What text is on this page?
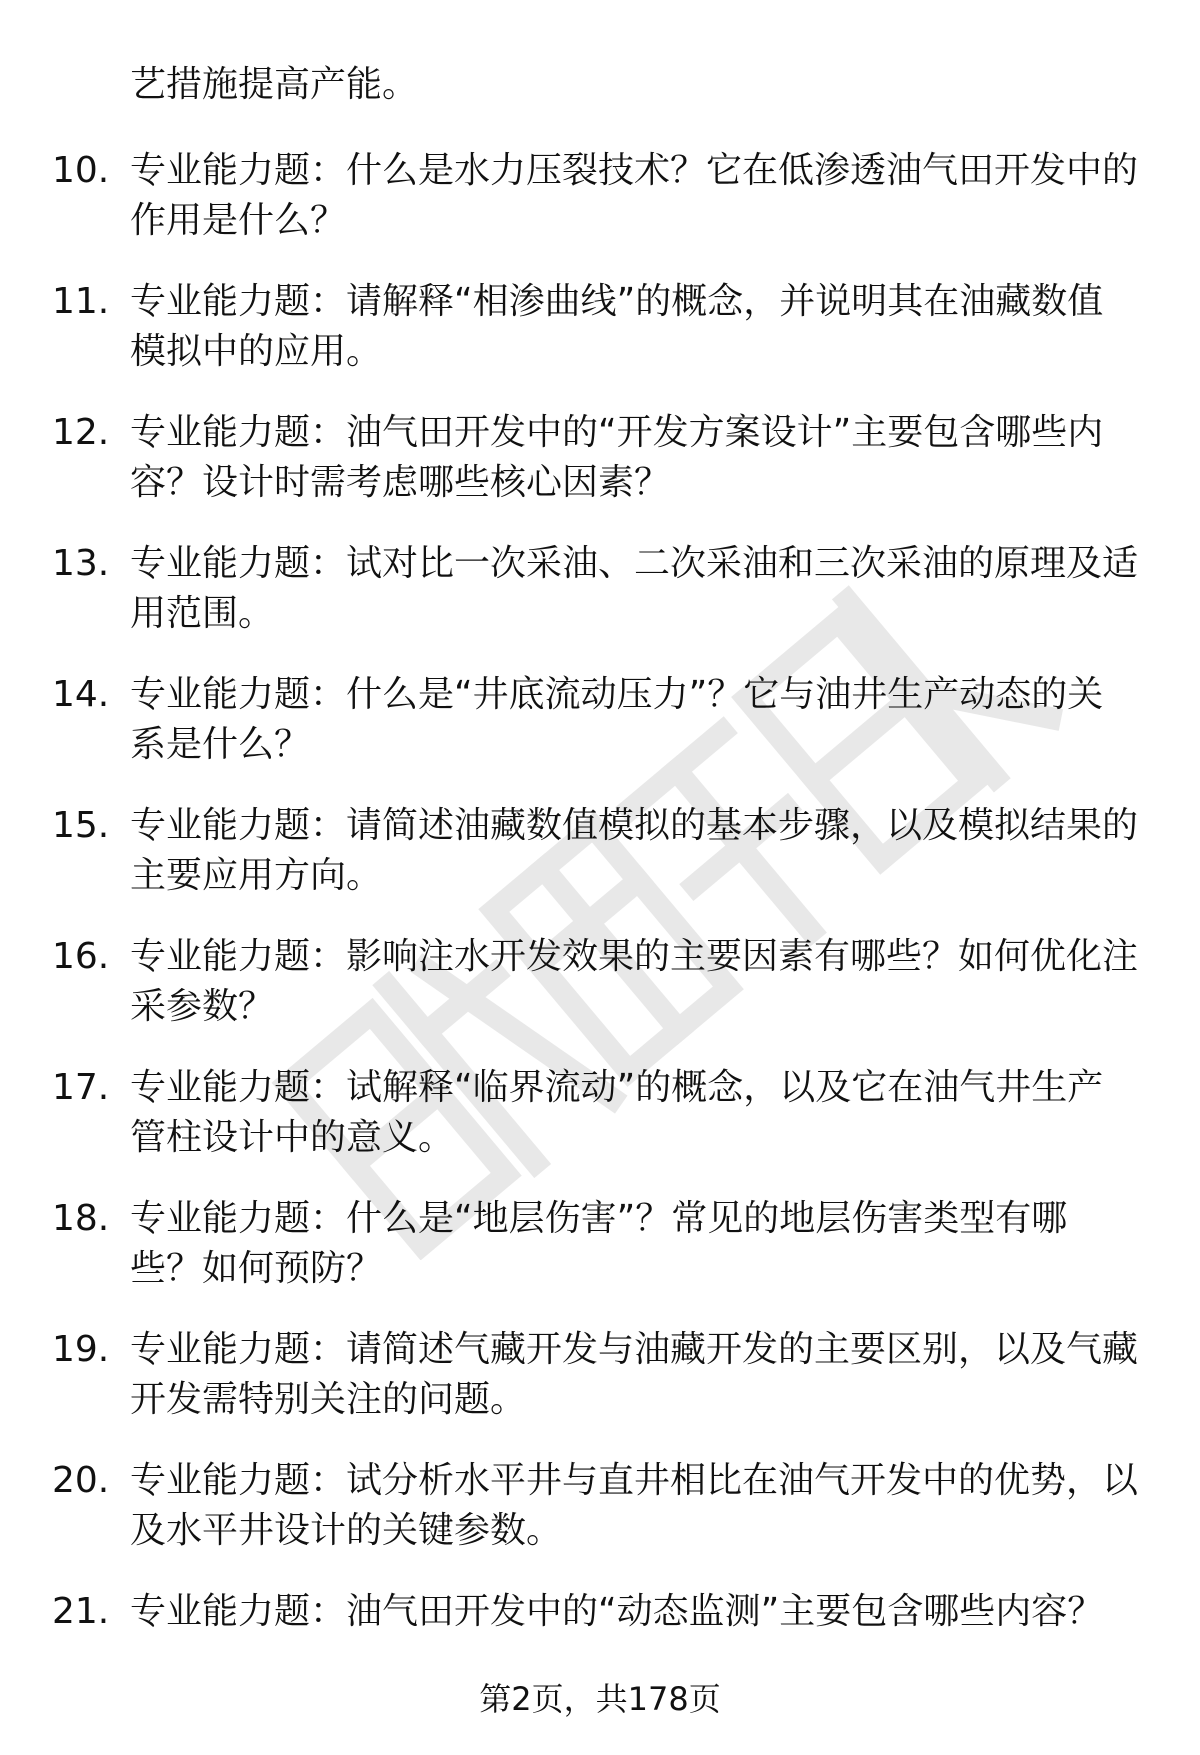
艺措施提高产能。
10. 专业能力题：什么是水力压裂技术？它在低渗透油气田开发中的
作用是什么？
11. 专业能力题：请解释“相渗曲线”的概念，并说明其在油藏数值
模拟中的应用。
12. 专业能力题：油气田开发中的“开发方案设计”主要包含哪些内
容？设计时需考虑哪些核心因素？
13. 专业能力题：试对比一次采油、二次采油和三次采油的原理及适
用范围。
14. 专业能力题：什么是“井底流动压力”？它与油井生产动态的关
系是什么？
15. 专业能力题：请简述油藏数值模拟的基本步骤，以及模拟结果的
主要应用方向。
16. 专业能力题：影响注水开发效果的主要因素有哪些？如何优化注
采参数？
17. 专业能力题：试解释“临界流动”的概念，以及它在油气井生产
管柱设计中的意义。
18. 专业能力题：什么是“地层伤害”？常见的地层伤害类型有哪
些？如何预防？
19. 专业能力题：请简述气藏开发与油藏开发的主要区别，以及气藏
开发需特别关注的问题。
20. 专业能力题：试分析水平井与直井相比在油气开发中的优势，以
及水平井设计的关键参数。
21. 专业能力题：油气田开发中的“动态监测”主要包含哪些内容？
第2页，共178页
